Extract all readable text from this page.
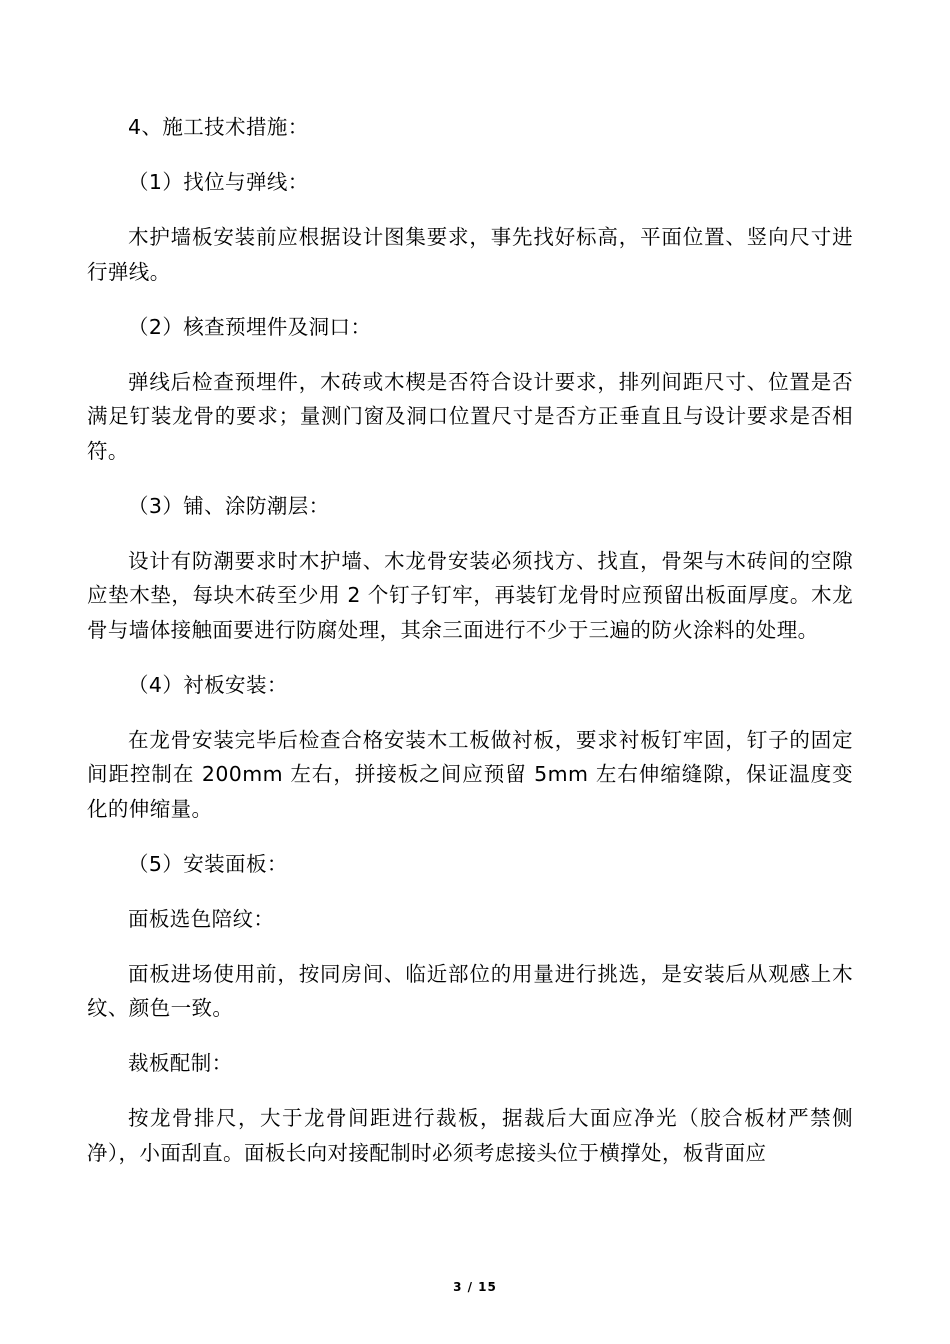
4、施工技术措施：

（1）找位与弹线：

木护墙板安装前应根据设计图集要求，事先找好标高，平面位置、竖向尺寸进行弹线。

（2）核查预埋件及洞口：

弹线后检查预埋件，木砖或木楔是否符合设计要求，排列间距尺寸、位置是否满足钉装龙骨的要求；量测门窗及洞口位置尺寸是否方正垂直且与设计要求是否相符。

（3）铺、涂防潮层：

设计有防潮要求时木护墙、木龙骨安装必须找方、找直，骨架与木砖间的空隙应垫木垫，每块木砖至少用 2 个钉子钉牢，再装钉龙骨时应预留出板面厚度。木龙骨与墙体接触面要进行防腐处理，其余三面进行不少于三遍的防火涂料的处理。

（4）衬板安装：

在龙骨安装完毕后检查合格安装木工板做衬板，要求衬板钉牢固，钉子的固定间距控制在 200mm 左右，拼接板之间应预留 5mm 左右伸缩缝隙，保证温度变化的伸缩量。

（5）安装面板：

面板选色陪纹：

面板进场使用前，按同房间、临近部位的用量进行挑选，是安装后从观感上木纹、颜色一致。

裁板配制：

按龙骨排尺，大于龙骨间距进行裁板，据裁后大面应净光（胶合板材严禁侧净），小面刮直。面板长向对接配制时必须考虑接头位于横撑处，板背面应

3 / 15
